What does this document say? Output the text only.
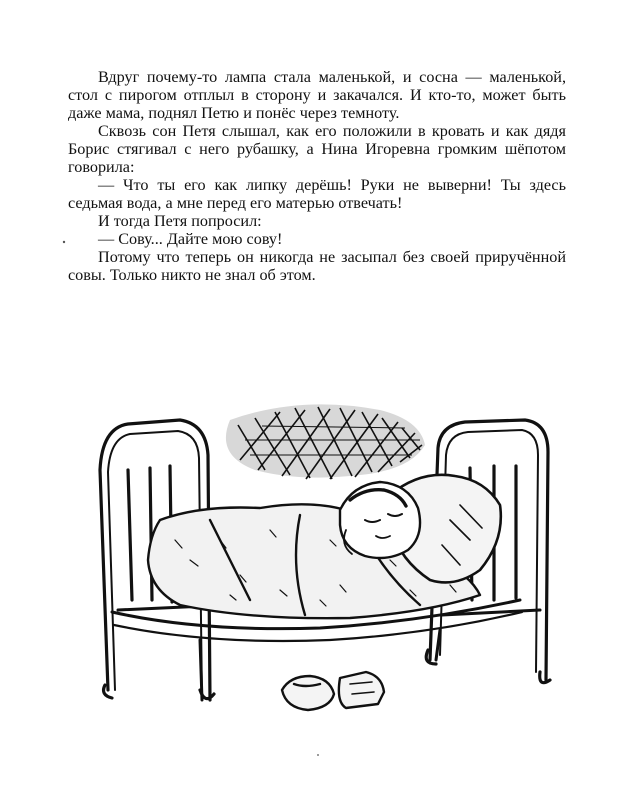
Вдруг почему-то лампа стала маленькой, и сосна — маленькой, стол с пирогом отплыл в сторону и закачался. И кто-то, может быть даже мама, поднял Петю и понёс через темноту.

Сквозь сон Петя слышал, как его положили в кровать и как дядя Борис стягивал с него рубашку, а Нина Игоревна громким шёпотом говорила:

— Что ты его как липку дерёшь! Руки не выверни! Ты здесь седьмая вода, а мне перед его матерью отвечать!

И тогда Петя попросил:

— Сову... Дайте мою сову!

Потому что теперь он никогда не засыпал без своей приручённой совы. Только никто не знал об этом.
